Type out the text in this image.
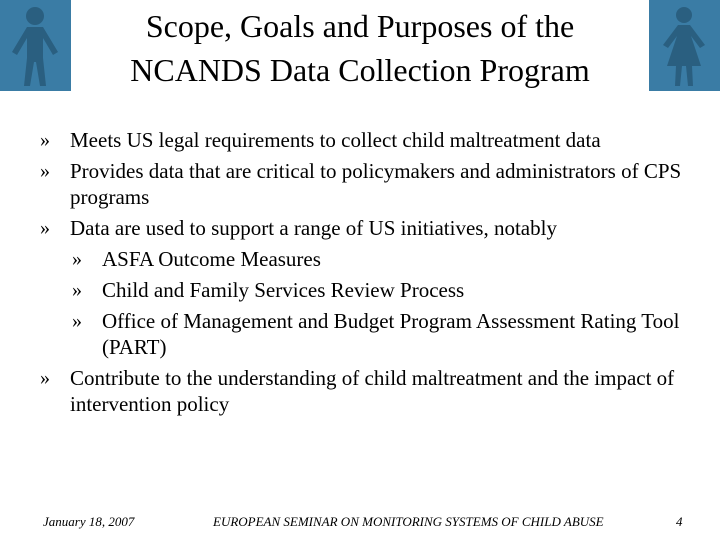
Scope, Goals and Purposes of the
NCANDS Data Collection Program
» Meets US legal requirements to collect child maltreatment data
» Provides data that are critical to policymakers and administrators of CPS programs
» Data are used to support a range of US initiatives, notably
» ASFA Outcome Measures
» Child and Family Services Review Process
» Office of Management and Budget Program Assessment Rating Tool (PART)
» Contribute to the understanding of child maltreatment and the impact of intervention policy
January 18, 2007	EUROPEAN SEMINAR ON MONITORING SYSTEMS OF CHILD ABUSE	4
